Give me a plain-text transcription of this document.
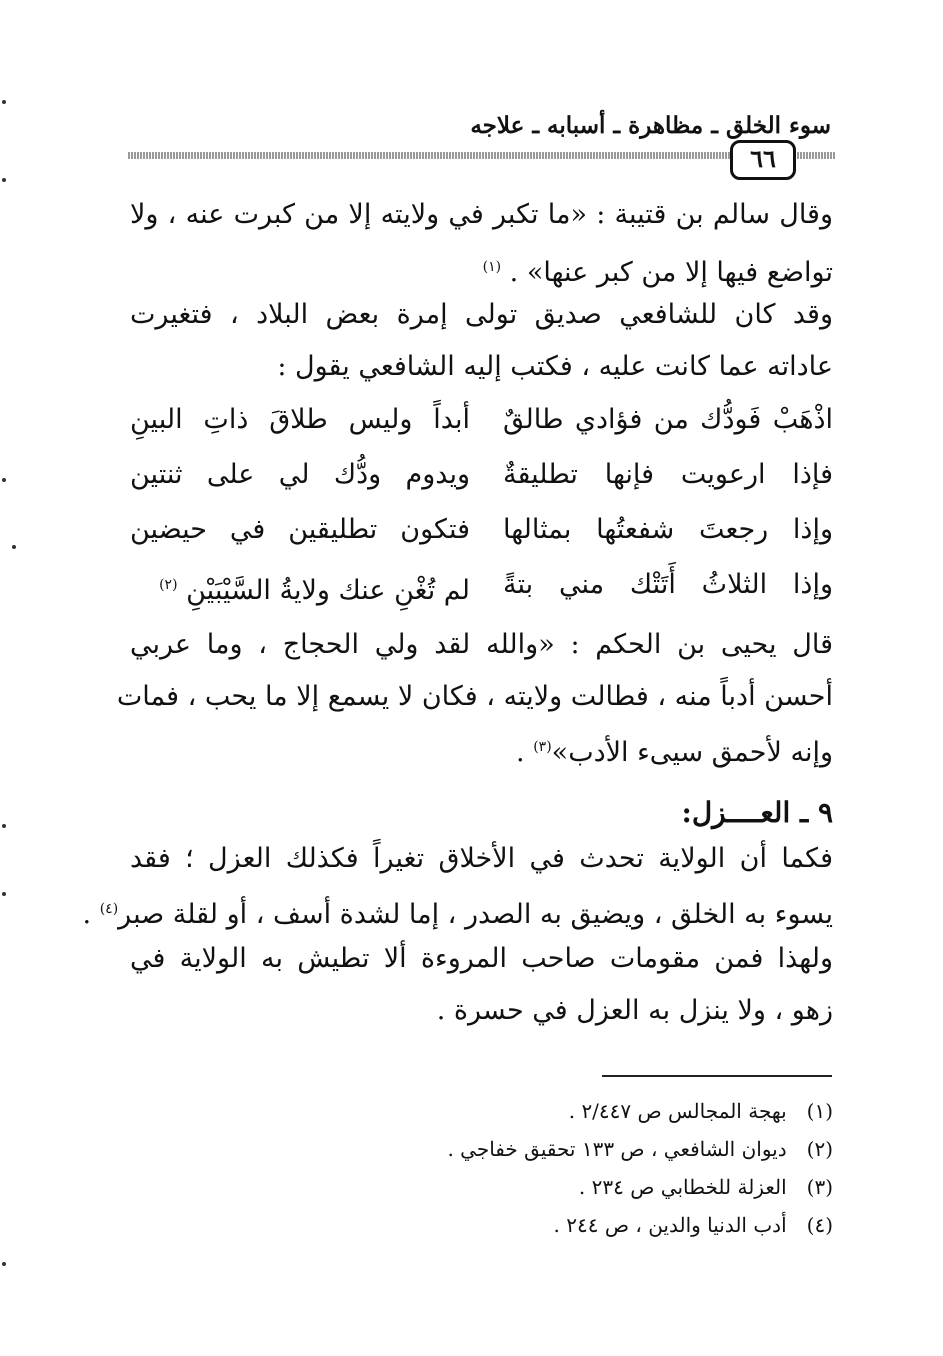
سوء الخلق ـ مظاهرة ـ أسبابه ـ علاجه
٦٦
وقال سالم بن قتيبة : «ما تكبر في ولايته إلا من كبرت عنه ، ولا
تواضع فيها إلا من كبر عنها» . $^{(١)}$
وقد كان للشافعي صديق تولى إمرة بعض البلاد ، فتغيرت
عاداته عما كانت عليه ، فكتب إليه الشافعي يقول :
اذْهَبْ فَودُّك من فؤادي طالقٌ
أبداً وليس طلاقَ ذاتِ البينِ
فإذا ارعويت فإنها تطليقةٌ
ويدوم ودُّك لي على ثنتين
وإذا رجعتَ شفعتُها بمثالها
فتكون تطليقين في حيضين
وإذا الثلاثُ أَتَتْك مني بتةً
لم تُغْنِ عنك ولايةُ السَّيْبَيْنِ $^{(٢)}$
قال يحيى بن الحكم : «والله لقد ولي الحجاج ، وما عربي
أحسن أدباً منه ، فطالت ولايته ، فكان لا يسمع إلا ما يحب ، فمات
وإنه لأحمق سيىء الأدب»$^{(٣)}$ .
٩ ـ العــــزل:
فكما أن الولاية تحدث في الأخلاق تغيراً فكذلك العزل ؛ فقد
يسوء به الخلق ، ويضيق به الصدر ، إما لشدة أسف ، أو لقلة صبر$^{(٤)}$ .
ولهذا فمن مقومات صاحب المروءة ألا تطيش به الولاية في
زهو ، ولا ينزل به العزل في حسرة .
(١) بهجة المجالس ص ٢/٤٤٧ .
(٢) ديوان الشافعي ، ص ١٣٣ تحقيق خفاجي .
(٣) العزلة للخطابي ص ٢٣٤ .
(٤) أدب الدنيا والدين ، ص ٢٤٤ .
